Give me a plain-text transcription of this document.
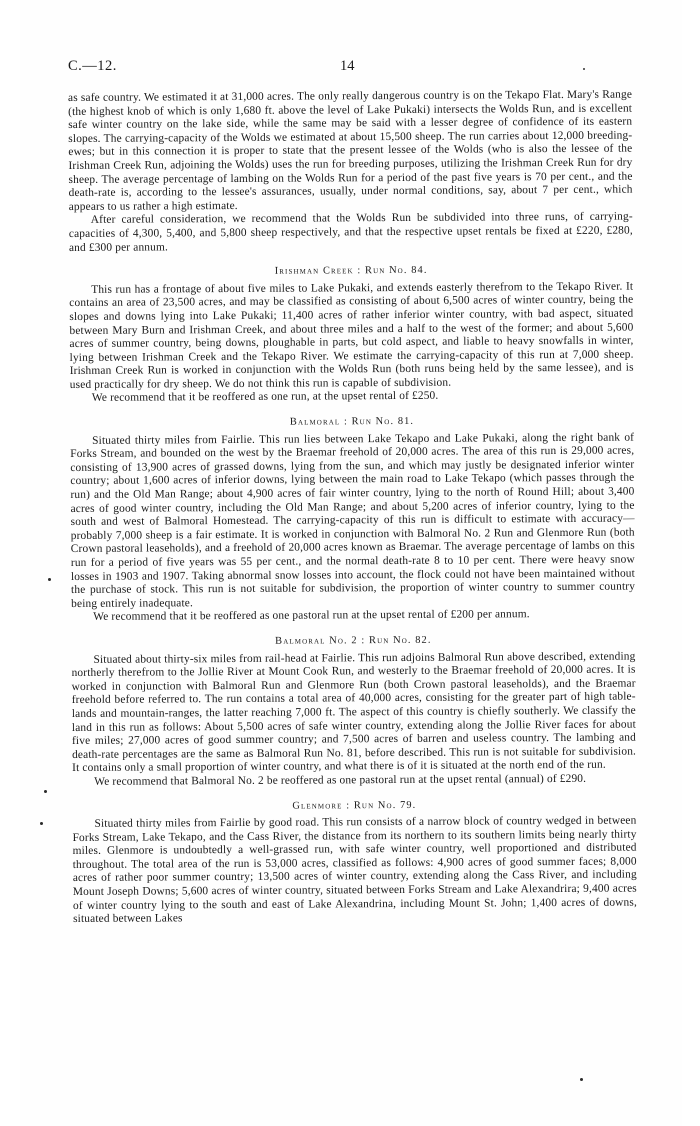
C.—12.	14

as safe country. We estimated it at 31,000 acres. The only really dangerous country is on the Tekapo Flat. Mary's Range (the highest knob of which is only 1,680 ft. above the level of Lake Pukaki) intersects the Wolds Run, and is excellent safe winter country on the lake side, while the same may be said with a lesser degree of confidence of its eastern slopes. The carrying-capacity of the Wolds we estimated at about 15,500 sheep. The run carries about 12,000 breeding-ewes; but in this connection it is proper to state that the present lessee of the Wolds (who is also the lessee of the Irishman Creek Run, adjoining the Wolds) uses the run for breeding purposes, utilizing the Irishman Creek Run for dry sheep. The average percentage of lambing on the Wolds Run for a period of the past five years is 70 per cent., and the death-rate is, according to the lessee's assurances, usually, under normal conditions, say, about 7 per cent., which appears to us rather a high estimate.

After careful consideration, we recommend that the Wolds Run be subdivided into three runs, of carrying-capacities of 4,300, 5,400, and 5,800 sheep respectively, and that the respective upset rentals be fixed at £220, £280, and £300 per annum.

Irishman Creek : Run No. 84.

This run has a frontage of about five miles to Lake Pukaki, and extends easterly therefrom to the Tekapo River. It contains an area of 23,500 acres, and may be classified as consisting of about 6,500 acres of winter country, being the slopes and downs lying into Lake Pukaki; 11,400 acres of rather inferior winter country, with bad aspect, situated between Mary Burn and Irishman Creek, and about three miles and a half to the west of the former; and about 5,600 acres of summer country, being downs, ploughable in parts, but cold aspect, and liable to heavy snowfalls in winter, lying between Irishman Creek and the Tekapo River. We estimate the carrying-capacity of this run at 7,000 sheep. Irishman Creek Run is worked in conjunction with the Wolds Run (both runs being held by the same lessee), and is used practically for dry sheep. We do not think this run is capable of subdivision.

We recommend that it be reoffered as one run, at the upset rental of £250.

Balmoral : Run No. 81.

Situated thirty miles from Fairlie. This run lies between Lake Tekapo and Lake Pukaki, along the right bank of Forks Stream, and bounded on the west by the Braemar freehold of 20,000 acres. The area of this run is 29,000 acres, consisting of 13,900 acres of grassed downs, lying from the sun, and which may justly be designated inferior winter country; about 1,600 acres of inferior downs, lying between the main road to Lake Tekapo (which passes through the run) and the Old Man Range; about 4,900 acres of fair winter country, lying to the north of Round Hill; about 3,400 acres of good winter country, including the Old Man Range; and about 5,200 acres of inferior country, lying to the south and west of Balmoral Homestead. The carrying-capacity of this run is difficult to estimate with accuracy—probably 7,000 sheep is a fair estimate. It is worked in conjunction with Balmoral No. 2 Run and Glenmore Run (both Crown pastoral leaseholds), and a freehold of 20,000 acres known as Braemar. The average percentage of lambs on this run for a period of five years was 55 per cent., and the normal death-rate 8 to 10 per cent. There were heavy snow losses in 1903 and 1907. Taking abnormal snow losses into account, the flock could not have been maintained without the purchase of stock. This run is not suitable for subdivision, the proportion of winter country to summer country being entirely inadequate.

We recommend that it be reoffered as one pastoral run at the upset rental of £200 per annum.

Balmoral No. 2 : Run No. 82.

Situated about thirty-six miles from rail-head at Fairlie. This run adjoins Balmoral Run above described, extending northerly therefrom to the Jollie River at Mount Cook Run, and westerly to the Braemar freehold of 20,000 acres. It is worked in conjunction with Balmoral Run and Glenmore Run (both Crown pastoral leaseholds), and the Braemar freehold before referred to. The run contains a total area of 40,000 acres, consisting for the greater part of high table-lands and mountain-ranges, the latter reaching 7,000 ft. The aspect of this country is chiefly southerly. We classify the land in this run as follows: About 5,500 acres of safe winter country, extending along the Jollie River faces for about five miles; 27,000 acres of good summer country; and 7,500 acres of barren and useless country. The lambing and death-rate percentages are the same as Balmoral Run No. 81, before described. This run is not suitable for subdivision. It contains only a small proportion of winter country, and what there is of it is situated at the north end of the run.

We recommend that Balmoral No. 2 be reoffered as one pastoral run at the upset rental (annual) of £290.

Glenmore : Run No. 79.

Situated thirty miles from Fairlie by good road. This run consists of a narrow block of country wedged in between Forks Stream, Lake Tekapo, and the Cass River, the distance from its northern to its southern limits being nearly thirty miles. Glenmore is undoubtedly a well-grassed run, with safe winter country, well proportioned and distributed throughout. The total area of the run is 53,000 acres, classified as follows: 4,900 acres of good summer faces; 8,000 acres of rather poor summer country; 13,500 acres of winter country, extending along the Cass River, and including Mount Joseph Downs; 5,600 acres of winter country, situated between Forks Stream and Lake Alexandrira; 9,400 acres of winter country lying to the south and east of Lake Alexandrina, including Mount St. John; 1,400 acres of downs, situated between Lakes
